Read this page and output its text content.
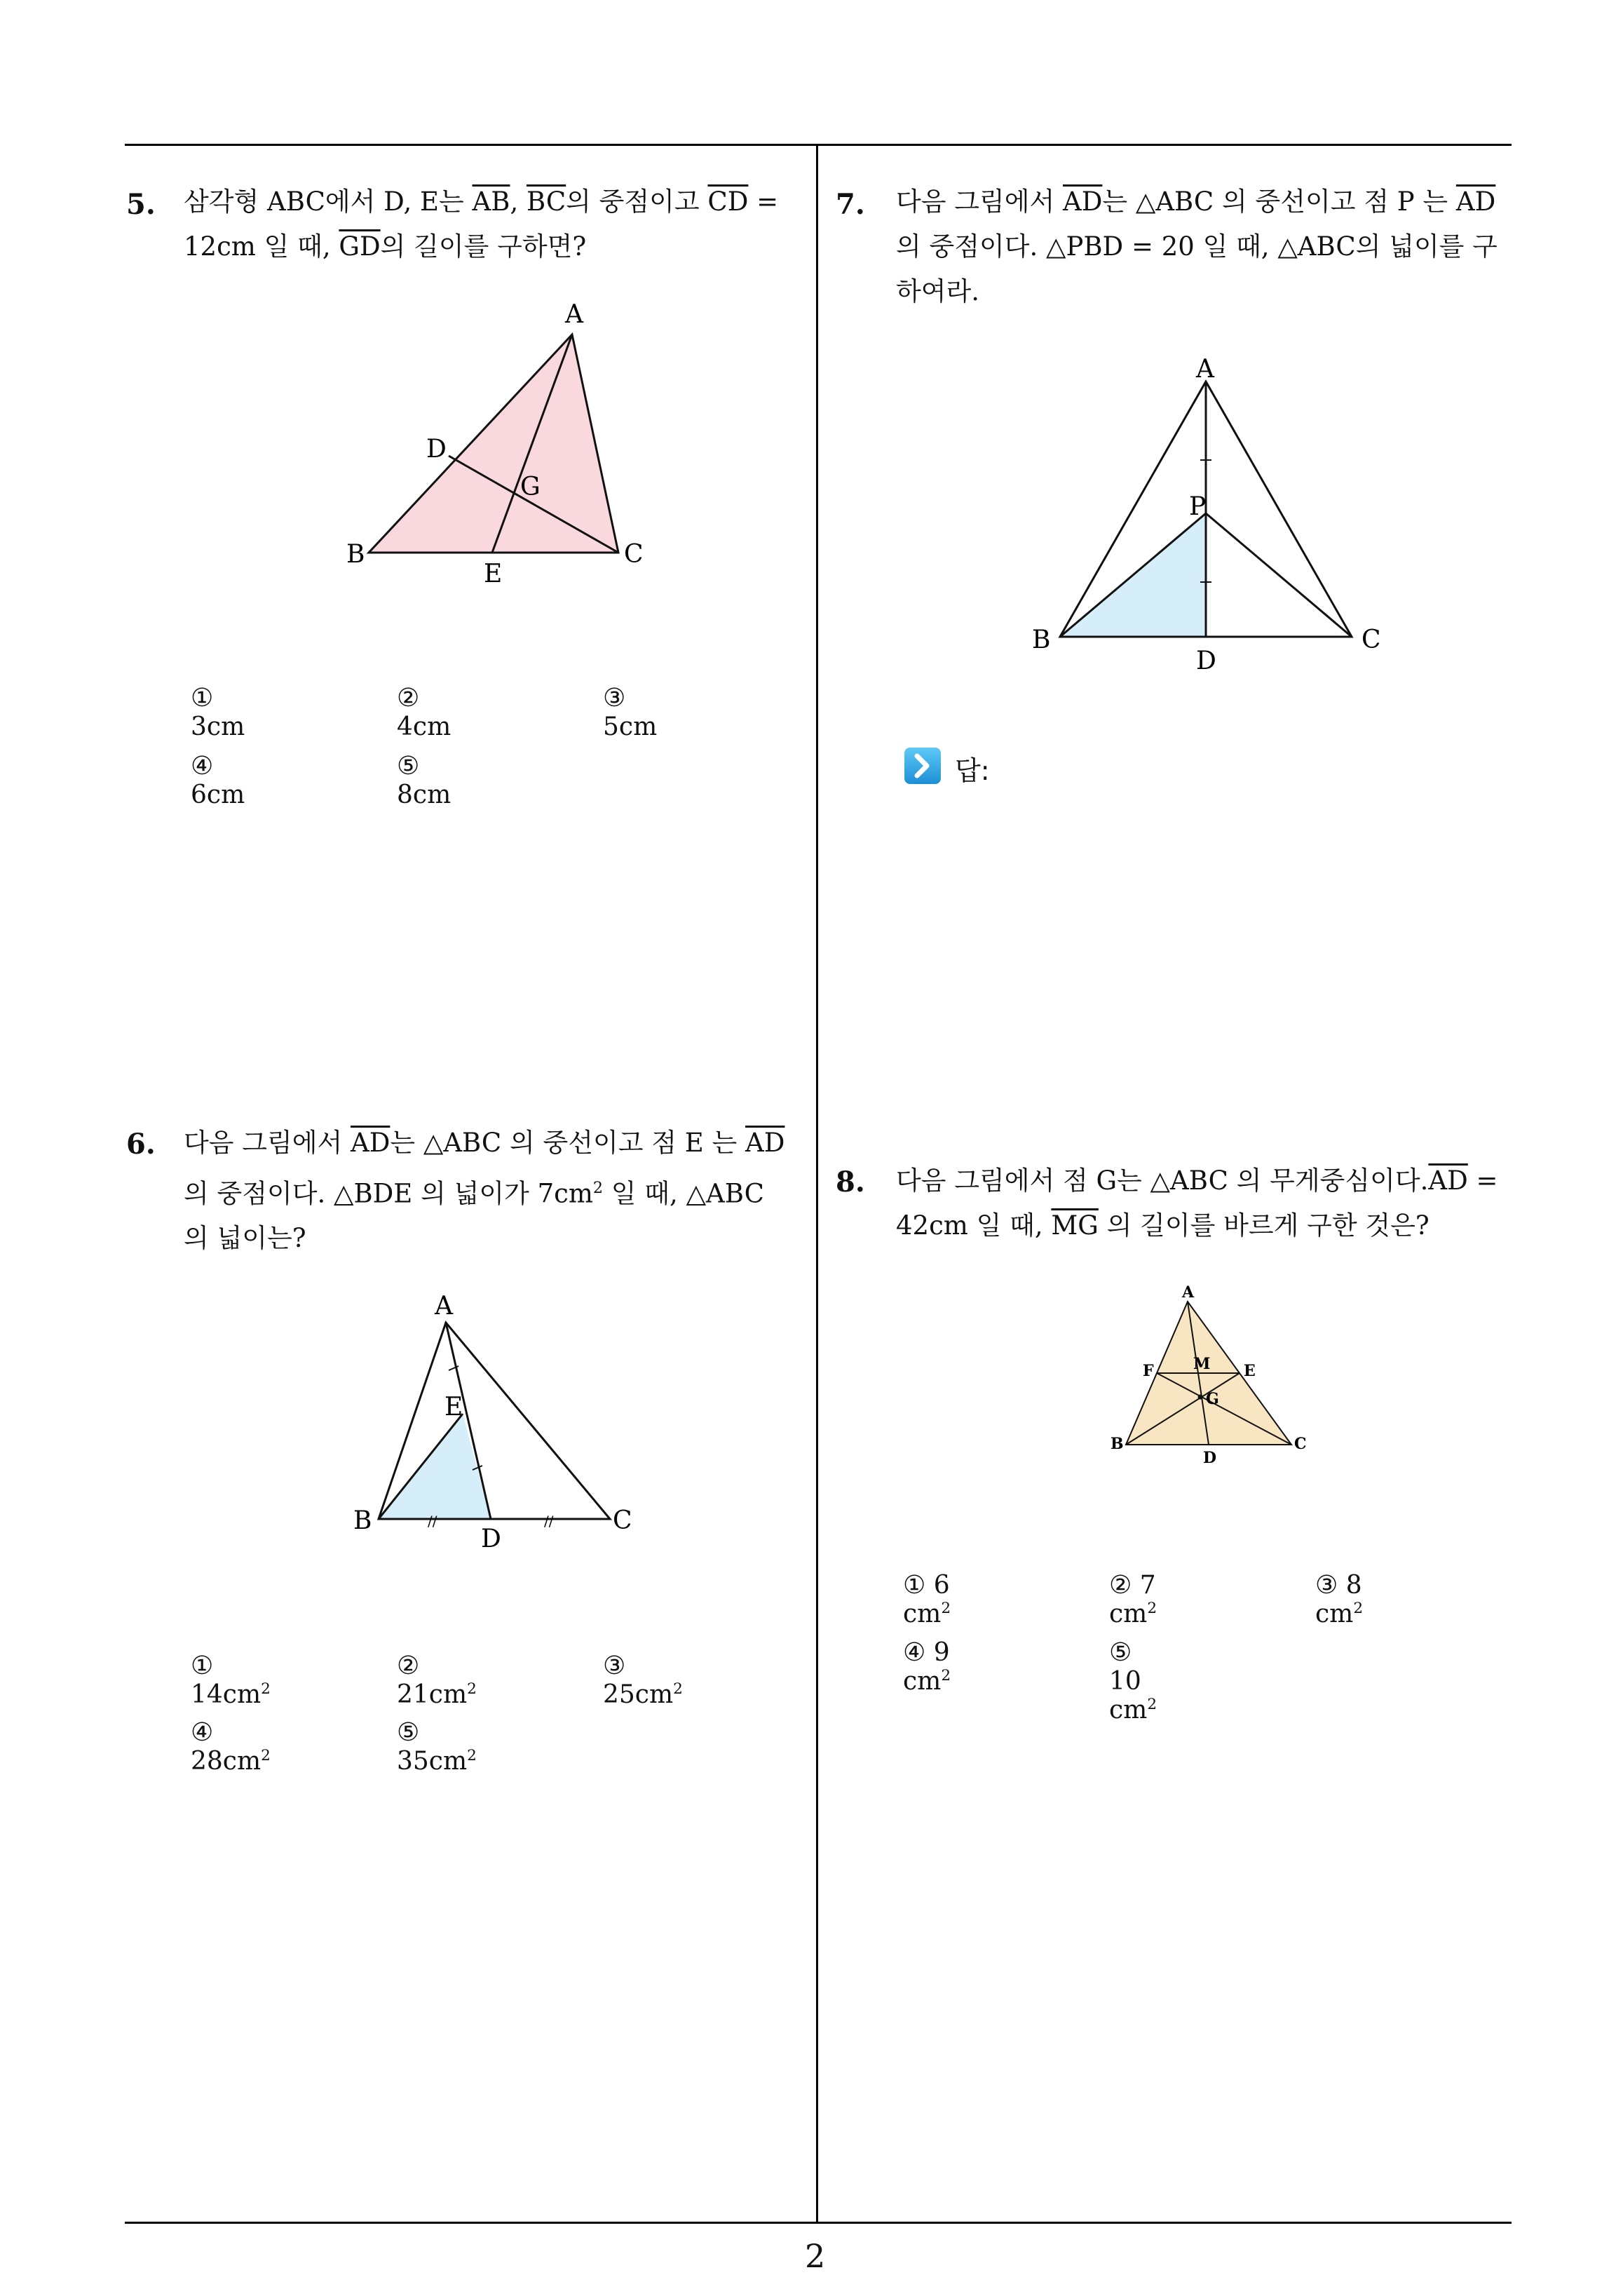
2
5. 삼각형 ABC에서 D, E는 $\overline{AB}$, $\overline{BC}$의 중점이고 $\overline{CD}$ =
12cm 일 때, $\overline{GD}$의 길이를 구하면?
A
B	C
D
E
G
① 3cm
② 4cm
③ 5cm
④ 6cm
⑤ 8cm
6. 다음 그림에서 $\overline{AD}$는 △ABC 의 중선이고 점 E 는 $\overline{AD}$
의 중점이다. △BDE 의 넓이가 $7cm^2$ 일 때, △ABC
의 넓이는?
//	//
A
B	C
D
E
① $14cm^2$
② $21cm^2$
③ $25cm^2$
④ $28cm^2$
⑤ $35cm^2$
7. 다음 그림에서 $\overline{AD}$는 △ABC 의 중선이고 점 P 는 $\overline{AD}$
의 중점이다. △PBD = 20 일 때, △ABC의 넓이를 구
하여라.
A
B	C
D
P
답:
8. 다음 그림에서 점 G는 △ABC 의 무게중심이다$.\overline{AD}$ =
42cm 일 때, $\overline{MG}$ 의 길이를 바르게 구한 것은?
A
B	C
D
E
F
G
M
① 6 $cm^2$
② 7 $cm^2$
③ 8 $cm^2$
④ 9 $cm^2$
⑤ 10 $cm^2$
